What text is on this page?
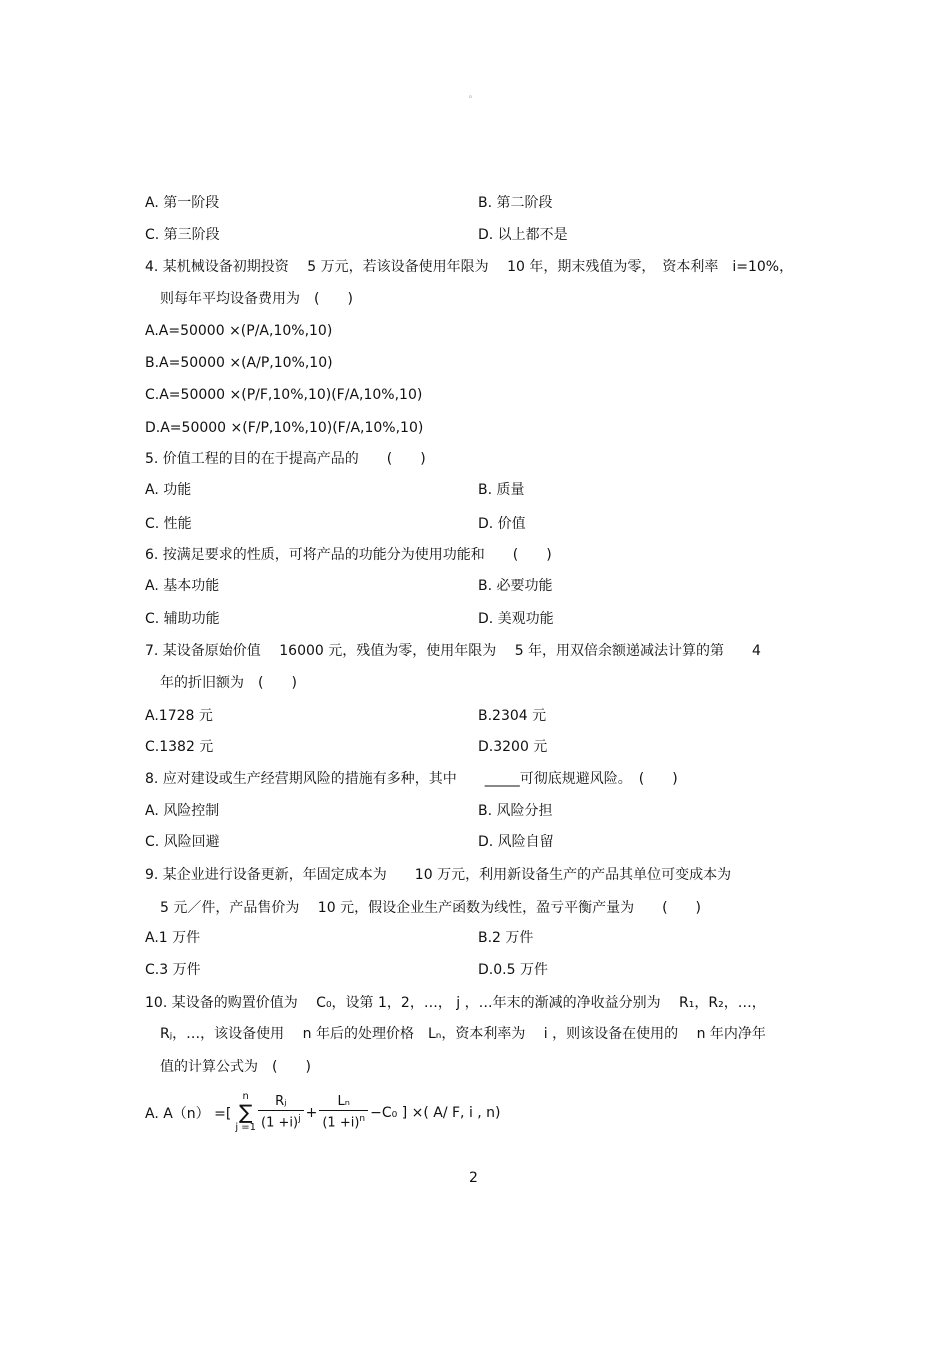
。
A. 第一阶段	B. 第二阶段
C. 第三阶段	D. 以上都不是
4. 某机械设备初期投资　 5 万元，若该设备使用年限为　 10 年，期末残值为零，　资本利率　i=10%，
则每年平均设备费用为　(　　)
A.A=50000 ×(P/A,10%,10)
B.A=50000 ×(A/P,10%,10)
C.A=50000 ×(P/F,10%,10)(F/A,10%,10)
D.A=50000 ×(F/P,10%,10)(F/A,10%,10)
5. 价值工程的目的在于提高产品的　　(　　)
A. 功能	B. 质量
C. 性能	D. 价值
6. 按满足要求的性质，可将产品的功能分为使用功能和　　(　　)
A. 基本功能	B. 必要功能
C. 辅助功能	D. 美观功能
7. 某设备原始价值　 16000 元，残值为零，使用年限为　 5 年，用双倍余额递减法计算的第　　4
年的折旧额为　(　　)
A.1728 元	B.2304 元
C.1382 元	D.3200 元
8. 应对建设或生产经营期风险的措施有多种，其中　　_____可彻底规避风险。　(　　)
A. 风险控制	B. 风险分担
C. 风险回避	D. 风险自留
9. 某企业进行设备更新，年固定成本为　　10 万元，利用新设备生产的产品其单位可变成本为
5 元／件，产品售价为　 10 元，假设企业生产函数为线性，盈亏平衡产量为　　(　　)
A.1 万件	B.2 万件
C.3 万件	D.0.5 万件
10. 某设备的购置价值为　 C₀，设第 1，2，…， j ，…年末的渐减的净收益分别为　 R₁，R₂，…，
Rⱼ，…，该设备使用　 n 年后的处理价格　Lₙ，资本利率为　 i ，则该设备在使用的　 n 年内净年
值的计算公式为　(　　)
A. A（n） =[
n
∑
$j =1 \frac{\text{Rⱼ}}{(1 +i)^j} + \frac{\text{Lₙ}}{(1 +i)^n} -C_0$ ] ×( A/ F, i , n)
2
